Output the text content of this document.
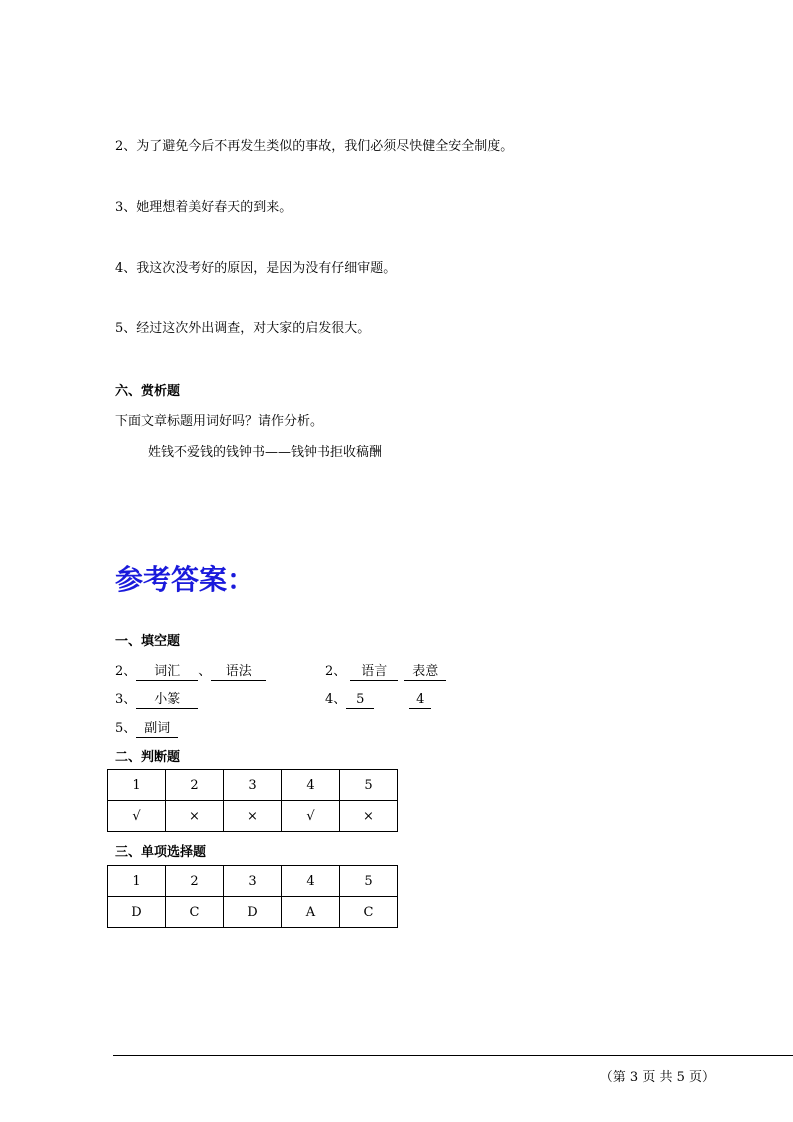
2、为了避免今后不再发生类似的事故，我们必须尽快健全安全制度。
3、她理想着美好春天的到来。
4、我这次没考好的原因，是因为没有仔细审题。
5、经过这次外出调查，对大家的启发很大。
六、赏析题
下面文章标题用词好吗？请作分析。
姓钱不爱钱的钱钟书——钱钟书拒收稿酬
参考答案：
一、填空题
2、 词汇 、 语法	2、 语言 表意
3、 小篆	4、 5	4
5、 副词
二、判断题
1	2	3	4	5
√	×	×	√	×
三、单项选择题
1	2	3	4	5
D	C	D	A	C
（第 3 页 共 5 页）
